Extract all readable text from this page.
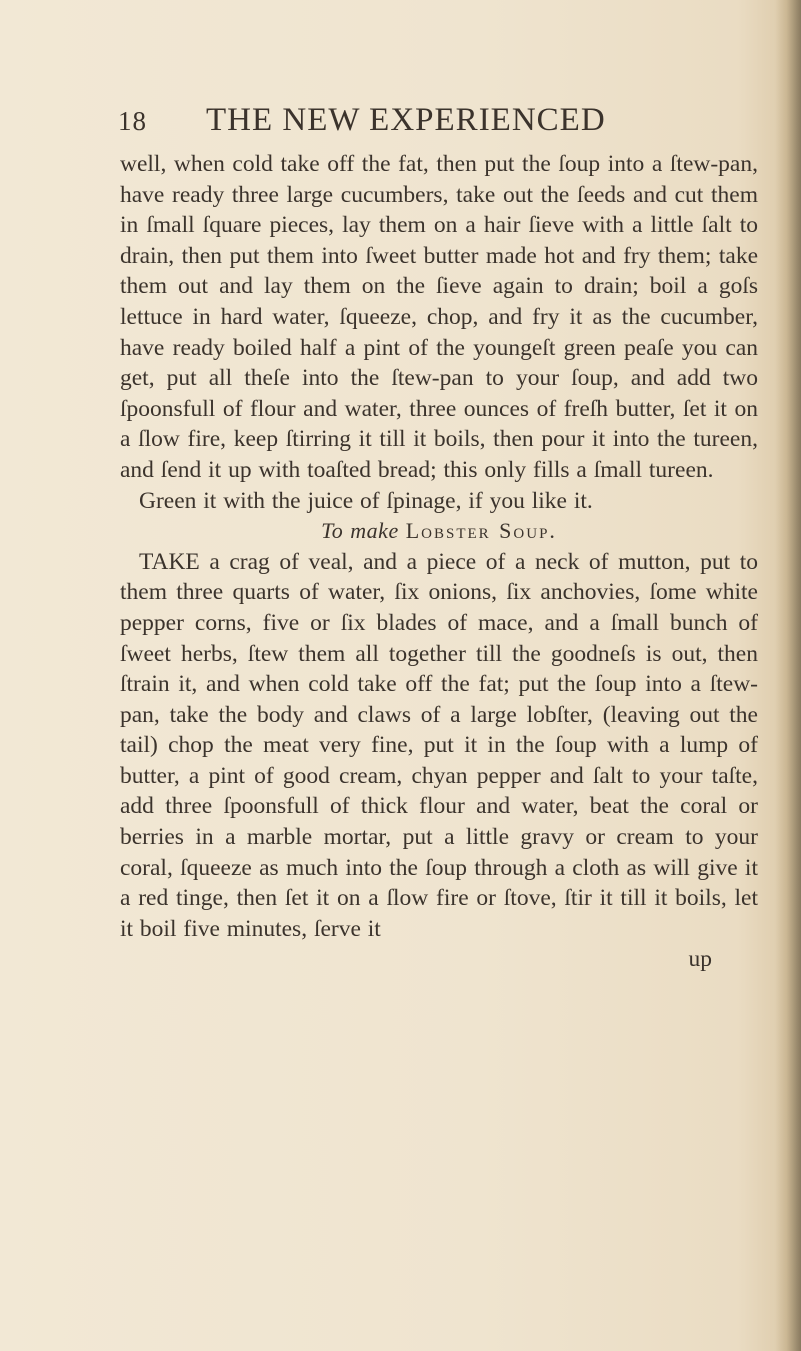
18 THE NEW EXPERIENCED

well, when cold take off the fat, then put the ſoup into a ſtew-pan, have ready three large cucumbers, take out the ſeeds and cut them in ſmall ſquare pieces, lay them on a hair ſieve with a little ſalt to drain, then put them into ſweet butter made hot and fry them; take them out and lay them on the ſieve again to drain; boil a goſs lettuce in hard water, ſqueeze, chop, and fry it as the cucumber, have ready boiled half a pint of the youngeſt green peaſe you can get, put all theſe into the ſtew-pan to your ſoup, and add two ſpoonsfull of flour and water, three ounces of freſh butter, ſet it on a ſlow fire, keep ſtirring it till it boils, then pour it into the tureen, and ſend it up with toaſted bread; this only fills a ſmall tureen.

Green it with the juice of ſpinage, if you like it.

To make Lobster Soup.

TAKE a crag of veal, and a piece of a neck of mutton, put to them three quarts of water, ſix onions, ſix anchovies, ſome white pepper corns, five or ſix blades of mace, and a ſmall bunch of ſweet herbs, ſtew them all together till the goodneſs is out, then ſtrain it, and when cold take off the fat; put the ſoup into a ſtew-pan, take the body and claws of a large lobſter, (leaving out the tail) chop the meat very fine, put it in the ſoup with a lump of butter, a pint of good cream, chyan pepper and ſalt to your taſte, add three ſpoonsfull of thick flour and water, beat the coral or berries in a marble mortar, put a little gravy or cream to your coral, ſqueeze as much into the ſoup through a cloth as will give it a red tinge, then ſet it on a ſlow fire or ſtove, ſtir it till it boils, let it boil five minutes, ſerve it

up
